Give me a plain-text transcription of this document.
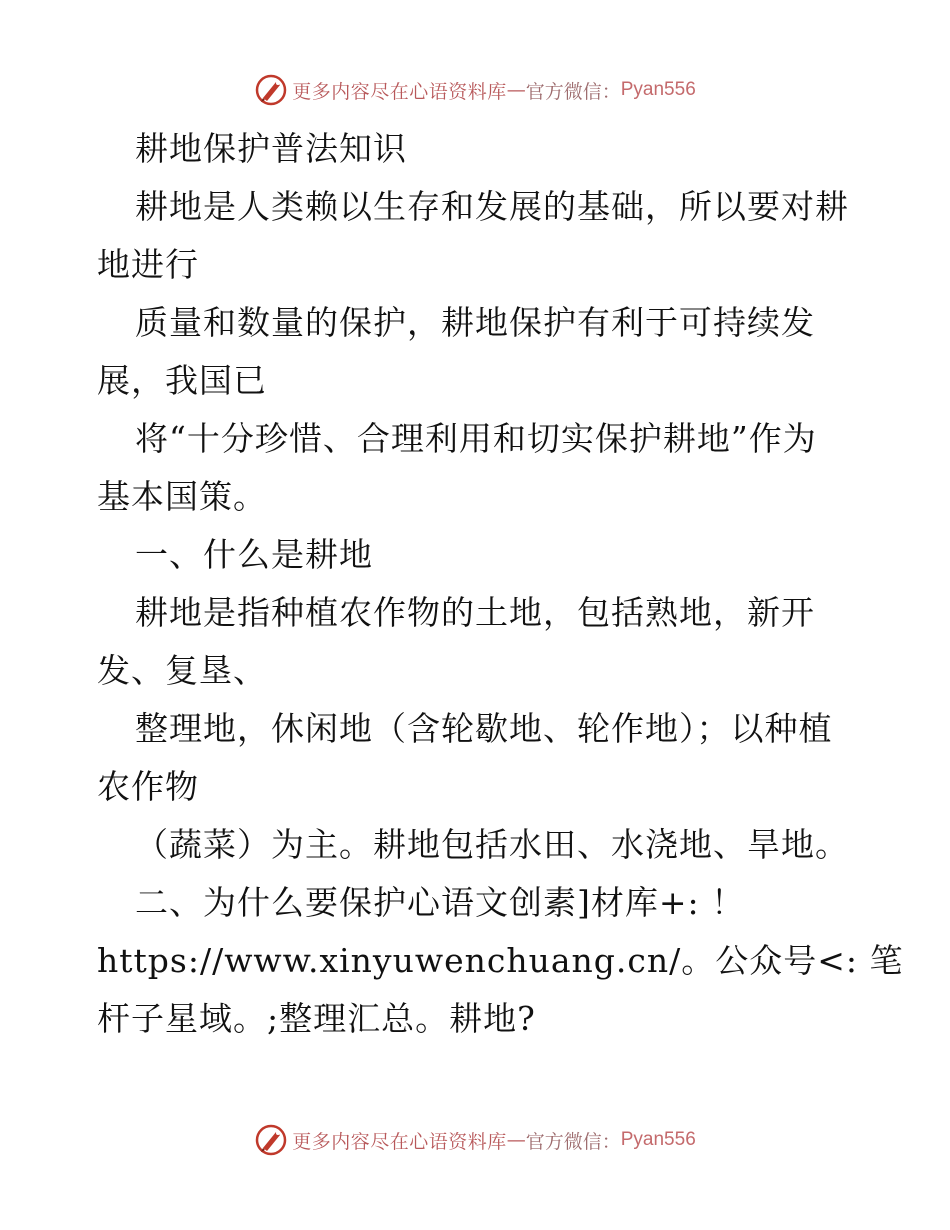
更多内容尽在心语资料库 — 官方微信： Pyan556
耕地保护普法知识
耕地是人类赖以生存和发展的基础，所以要对耕
地进行
质量和数量的保护，耕地保护有利于可持续发
展，我国已
将“十分珍惜、合理利用和切实保护耕地”作为
基本国策。
一、什么是耕地
耕地是指种植农作物的土地，包括熟地，新开
发、复垦、
整理地，休闲地（含轮歇地、轮作地）；以种植
农作物
（蔬菜）为主。耕地包括水田、水浇地、旱地。
二、为什么要保护心语文创素]材库+: ！
https://www.xinyuwenchuang.cn/。公众号<: 笔
杆子星域。;整理汇总。耕地?
更多内容尽在心语资料库 — 官方微信： Pyan556
